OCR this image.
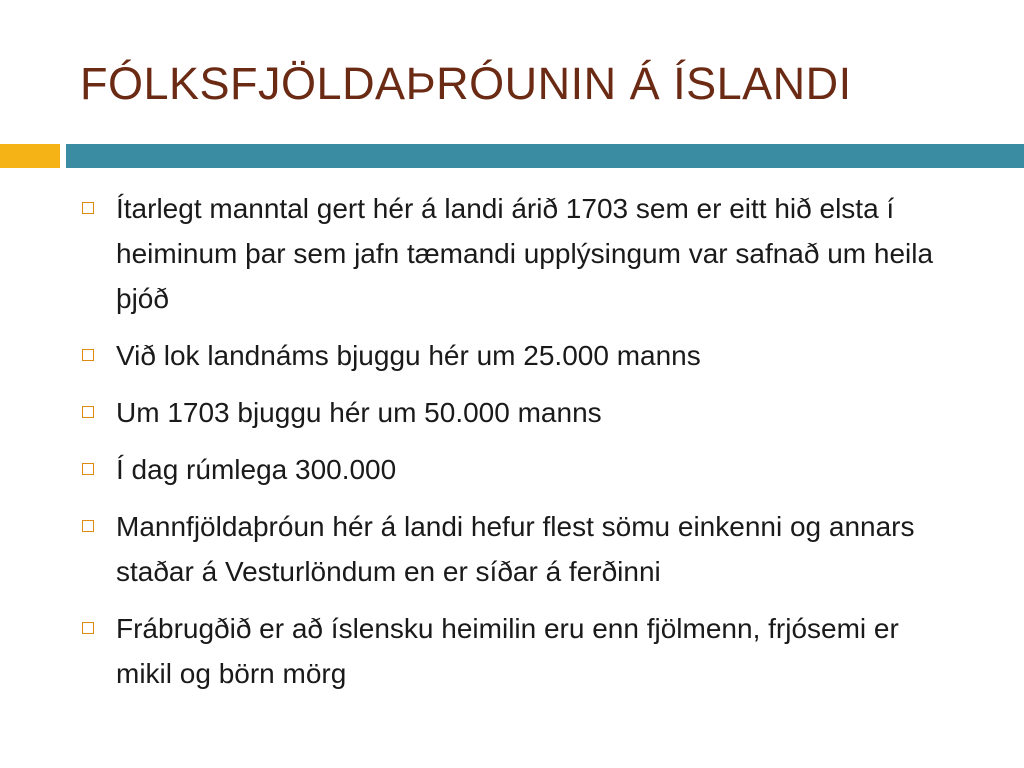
FÓLKSFJÖLDAÞRÓUNIN Á ÍSLANDI
Ítarlegt manntal gert hér á landi árið 1703 sem er eitt hið elsta í heiminum þar sem jafn tæmandi upplýsingum var safnað um heila þjóð
Við lok landnáms bjuggu hér um 25.000 manns
Um 1703 bjuggu hér um 50.000 manns
Í dag rúmlega 300.000
Mannfjöldaþróun hér á landi hefur flest sömu einkenni og annars staðar á Vesturlöndum en er síðar á ferðinni
Frábrugðið er að íslensku heimilin eru enn fjölmenn, frjósemi er mikil og börn mörg
